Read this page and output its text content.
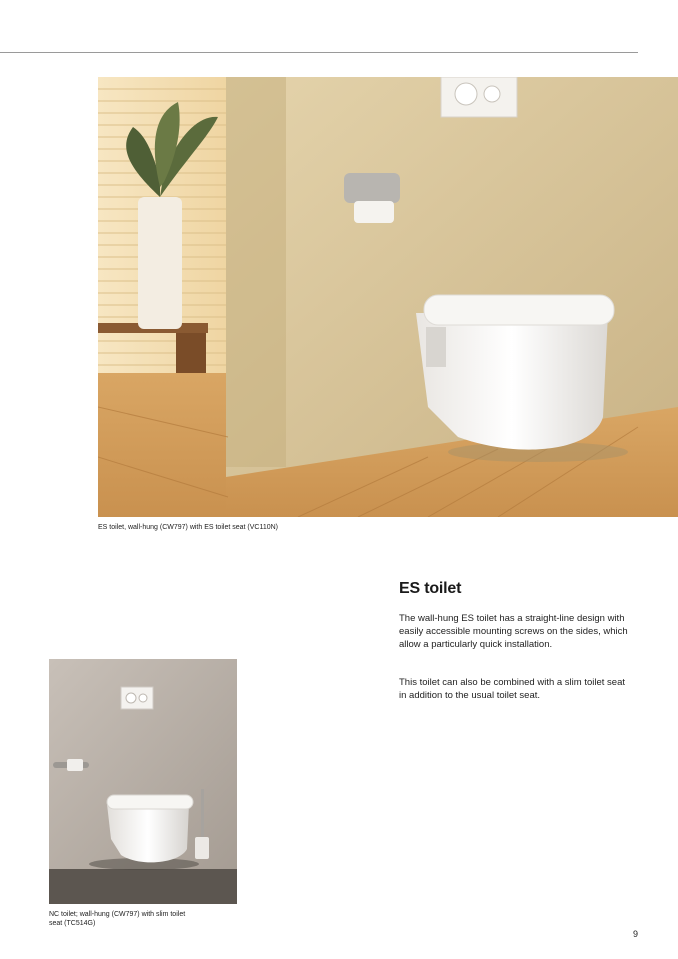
ES toilet, wall-hung (CW797) with ES toilet seat (VC110N)
ES toilet

The wall-hung ES toilet has a straight-line design with easily accessible mounting screws on the sides, which allow a particularly quick installation.

This toilet can also be combined with a slim toilet seat in addition to the usual toilet seat.

NC toilet; wall-hung (CW797) with slim toilet seat (TC514G)
9
